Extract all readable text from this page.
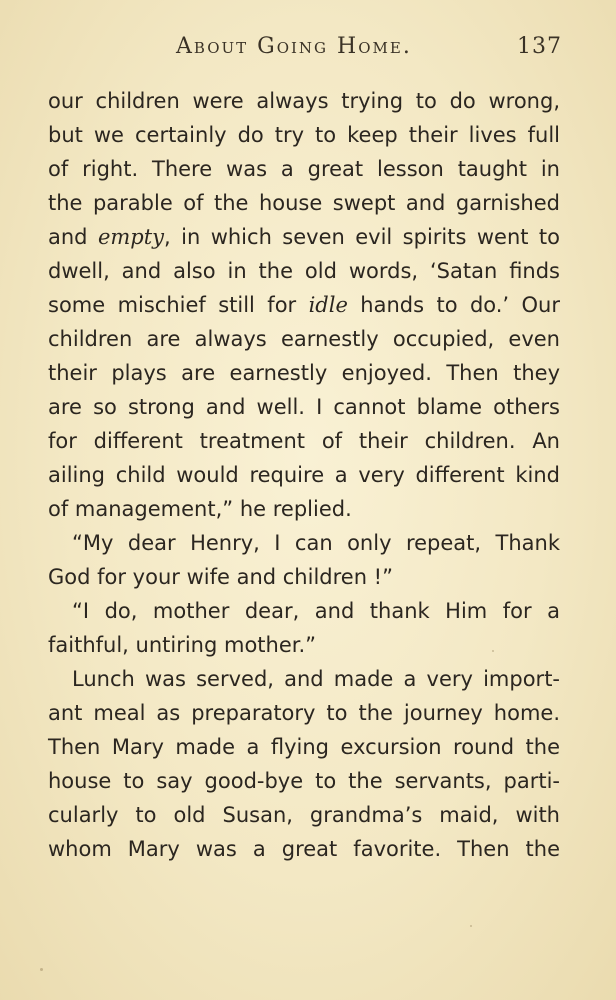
About Going Home.	137
our children were always trying to do wrong,
but we certainly do try to keep their lives full
of right. There was a great lesson taught in
the parable of the house swept and garnished
and empty, in which seven evil spirits went to
dwell, and also in the old words, ‘Satan finds
some mischief still for idle hands to do.’ Our
children are always earnestly occupied, even
their plays are earnestly enjoyed. Then they
are so strong and well. I cannot blame others
for different treatment of their children. An
ailing child would require a very different kind
of management,” he replied.
“My dear Henry, I can only repeat, Thank
God for your wife and children !”
“I do, mother dear, and thank Him for a
faithful, untiring mother.”
Lunch was served, and made a very import-
ant meal as preparatory to the journey home.
Then Mary made a flying excursion round the
house to say good-bye to the servants, parti-
cularly to old Susan, grandma’s maid, with
whom Mary was a great favorite. Then the
